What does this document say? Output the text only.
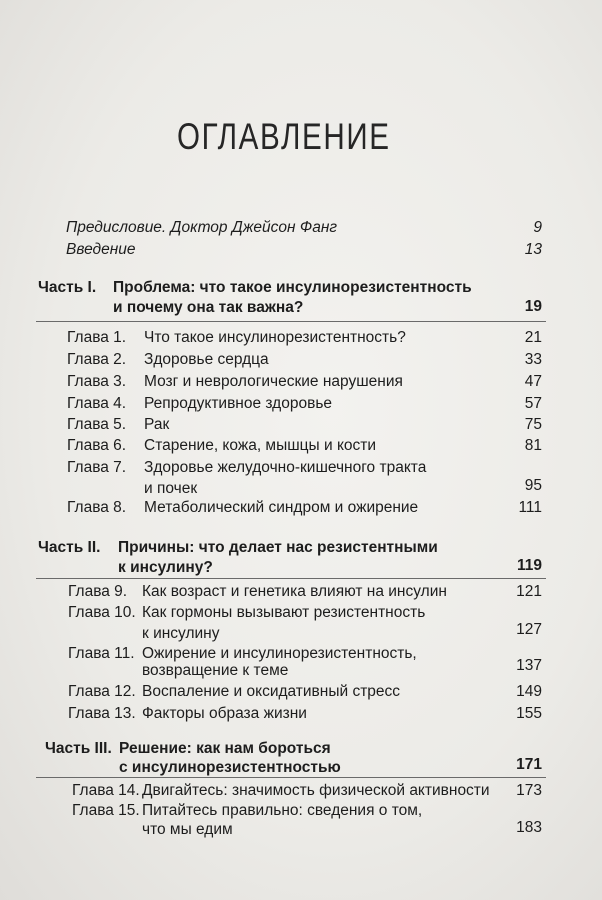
ОГЛАВЛЕНИЕ
Предисловие. Доктор Джейсон Фанг	9
Введение	13
Часть I. Проблема: что такое инсулинорезистентность
и почему она так важна?	19
Глава 1. Что такое инсулинорезистентность?	21
Глава 2. Здоровье сердца	33
Глава 3. Мозг и неврологические нарушения	47
Глава 4. Репродуктивное здоровье	57
Глава 5. Рак	75
Глава 6. Старение, кожа, мышцы и кости	81
Глава 7. Здоровье желудочно-кишечного тракта
и почек	95
Глава 8. Метаболический синдром и ожирение	111
Часть II. Причины: что делает нас резистентными
к инсулину?	119
Глава 9. Как возраст и генетика влияют на инсулин	121
Глава 10. Как гормоны вызывают резистентность
к инсулину	127
Глава 11. Ожирение и инсулинорезистентность,
возвращение к теме	137
Глава 12. Воспаление и оксидативный стресс	149
Глава 13. Факторы образа жизни	155
Часть III. Решение: как нам бороться
с инсулинорезистентностью	171
Глава 14. Двигайтесь: значимость физической активности 173
Глава 15. Питайтесь правильно: сведения о том,
что мы едим	183
